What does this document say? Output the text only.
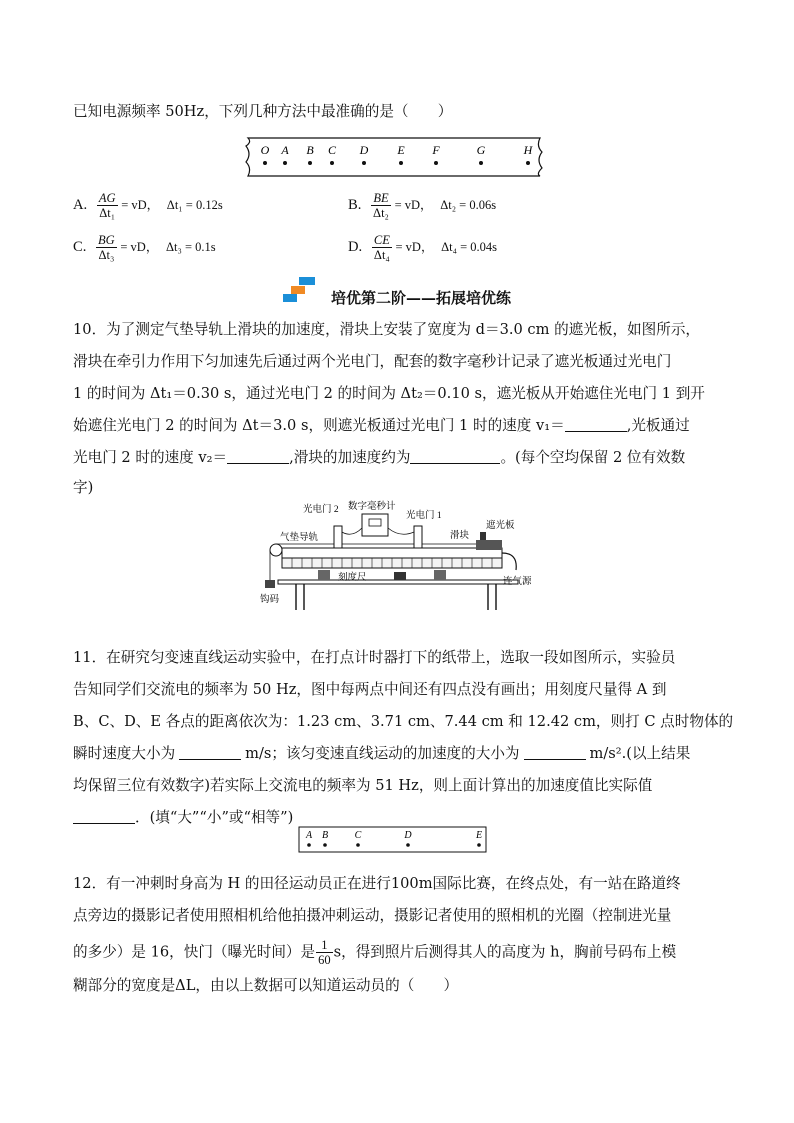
已知电源频率 50Hz，下列几种方法中最准确的是（　　）
O A B C D E F	G	H
A. $\frac{AG}{\text{Δt₁}}$ = vD， Δt₁ = 0.12s	B. $\frac{BE}{\text{Δt₂}}$ = vD， Δt₂ = 0.06s
C. $\frac{BG}{\text{Δt₃}}$ = vD， Δt₃ = 0.1s	D. $\frac{CE}{\text{Δt₄}}$ = vD， Δt₄ = 0.04s
培优第二阶——拓展培优练
10．为了测定气垫导轨上滑块的加速度，滑块上安装了宽度为 d＝3.0 cm 的遮光板，如图所示，
滑块在牵引力作用下匀加速先后通过两个光电门，配套的数字毫秒计记录了遮光板通过光电门
1 的时间为 Δt₁＝0.30 s，通过光电门 2 的时间为 Δt₂＝0.10 s，遮光板从开始遮住光电门 1 到开
始遮住光电门 2 的时间为 Δt＝3.0 s，则遮光板通过光电门 1 时的速度 v₁＝	,光板通过
光电门 2 时的速度 v₂＝	,滑块的加速度约为	。(每个空均保留 2 位有效数
字)
光电门 2 数字毫秒计
光电门 1
气垫导轨	滑块
遮光板
刻度尺	连气源
钩码
11．在研究匀变速直线运动实验中，在打点计时器打下的纸带上，选取一段如图所示，实验员
告知同学们交流电的频率为 50 Hz，图中每两点中间还有四点没有画出；用刻度尺量得 A 到
B、C、D、E 各点的距离依次为：1.23 cm、3.71 cm、7.44 cm 和 12.42 cm，则打 C 点时物体的
瞬时速度大小为	m/s；该匀变速直线运动的加速度的大小为	m/s².(以上结果
均保留三位有效数字)若实际上交流电的频率为 51 Hz，则上面计算出的加速度值比实际值
．(填“大”“小”或“相等”)
A B	C	D	E
12．有一冲刺时身高为 H 的田径运动员正在进行100m国际比赛，在终点处，有一站在路道终
点旁边的摄影记者使用照相机给他拍摄冲刺运动，摄影记者使用的照相机的光圈（控制进光量
的多少）是 16，快门（曝光时间）是 $\frac{1}{60}$ s，得到照片后测得其人的高度为 h，胸前号码布上模
糊部分的宽度是ΔL，由以上数据可以知道运动员的（　　）
